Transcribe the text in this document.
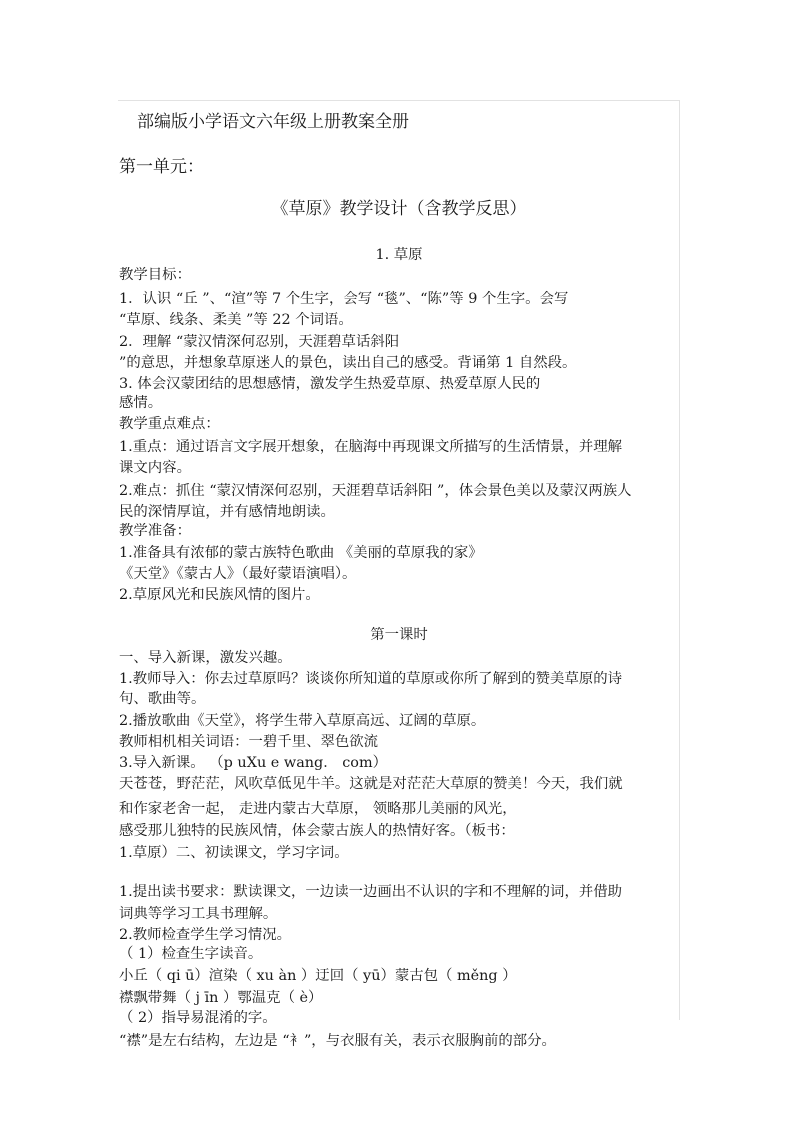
部编版小学语文六年级上册教案全册
第一单元：
《草原》教学设计（含教学反思）
1. 草原
教学目标：
1．认识 “丘 ”、“渲”等 7 个生字，会写 “毯”、“陈”等 9 个生字。会写
“草原、线条、柔美 ”等 22 个词语。
2．理解 “蒙汉情深何忍别，天涯碧草话斜阳
”的意思，并想象草原迷人的景色，读出自己的感受。背诵第 1 自然段。
3. 体会汉蒙团结的思想感情，激发学生热爱草原、热爱草原人民的
感情。
教学重点难点：
1.重点：通过语言文字展开想象，在脑海中再现课文所描写的生活情景，并理解
课文内容。
2.难点：抓住 “蒙汉情深何忍别，天涯碧草话斜阳 ”，体会景色美以及蒙汉两族人
民的深情厚谊，并有感情地朗读。
教学准备：
1.准备具有浓郁的蒙古族特色歌曲 《美丽的草原我的家》
《天堂》《蒙古人》（最好蒙语演唱）。
2.草原风光和民族风情的图片。
第一课时
一、导入新课，激发兴趣。
1.教师导入：你去过草原吗？谈谈你所知道的草原或你所了解到的赞美草原的诗
句、歌曲等。
2.播放歌曲《天堂》，将学生带入草原高远、辽阔的草原。
教师相机相关词语：一碧千里、翠色欲流
3.导入新课。 （p uXu e wang． com）
天苍苍，野茫茫，风吹草低见牛羊。这就是对茫茫大草原的赞美！今天，我们就
和作家老舍一起， 走进内蒙古大草原， 领略那儿美丽的风光，
感受那儿独特的民族风情，体会蒙古族人的热情好客。（板书：
1.草原）二、初读课文，学习字词。
1.提出读书要求：默读课文，一边读一边画出不认识的字和不理解的词，并借助
词典等学习工具书理解。
2.教师检查学生学习情况。
（ 1）检查生字读音。
小丘（ qi ū）渲染（ xu àn ）迂回（ yū）蒙古包（ měng ）
襟飘带舞（ j īn ）鄂温克（ è）
（ 2）指导易混淆的字。
“襟”是左右结构，左边是 “衤”，与衣服有关，表示衣服胸前的部分。
